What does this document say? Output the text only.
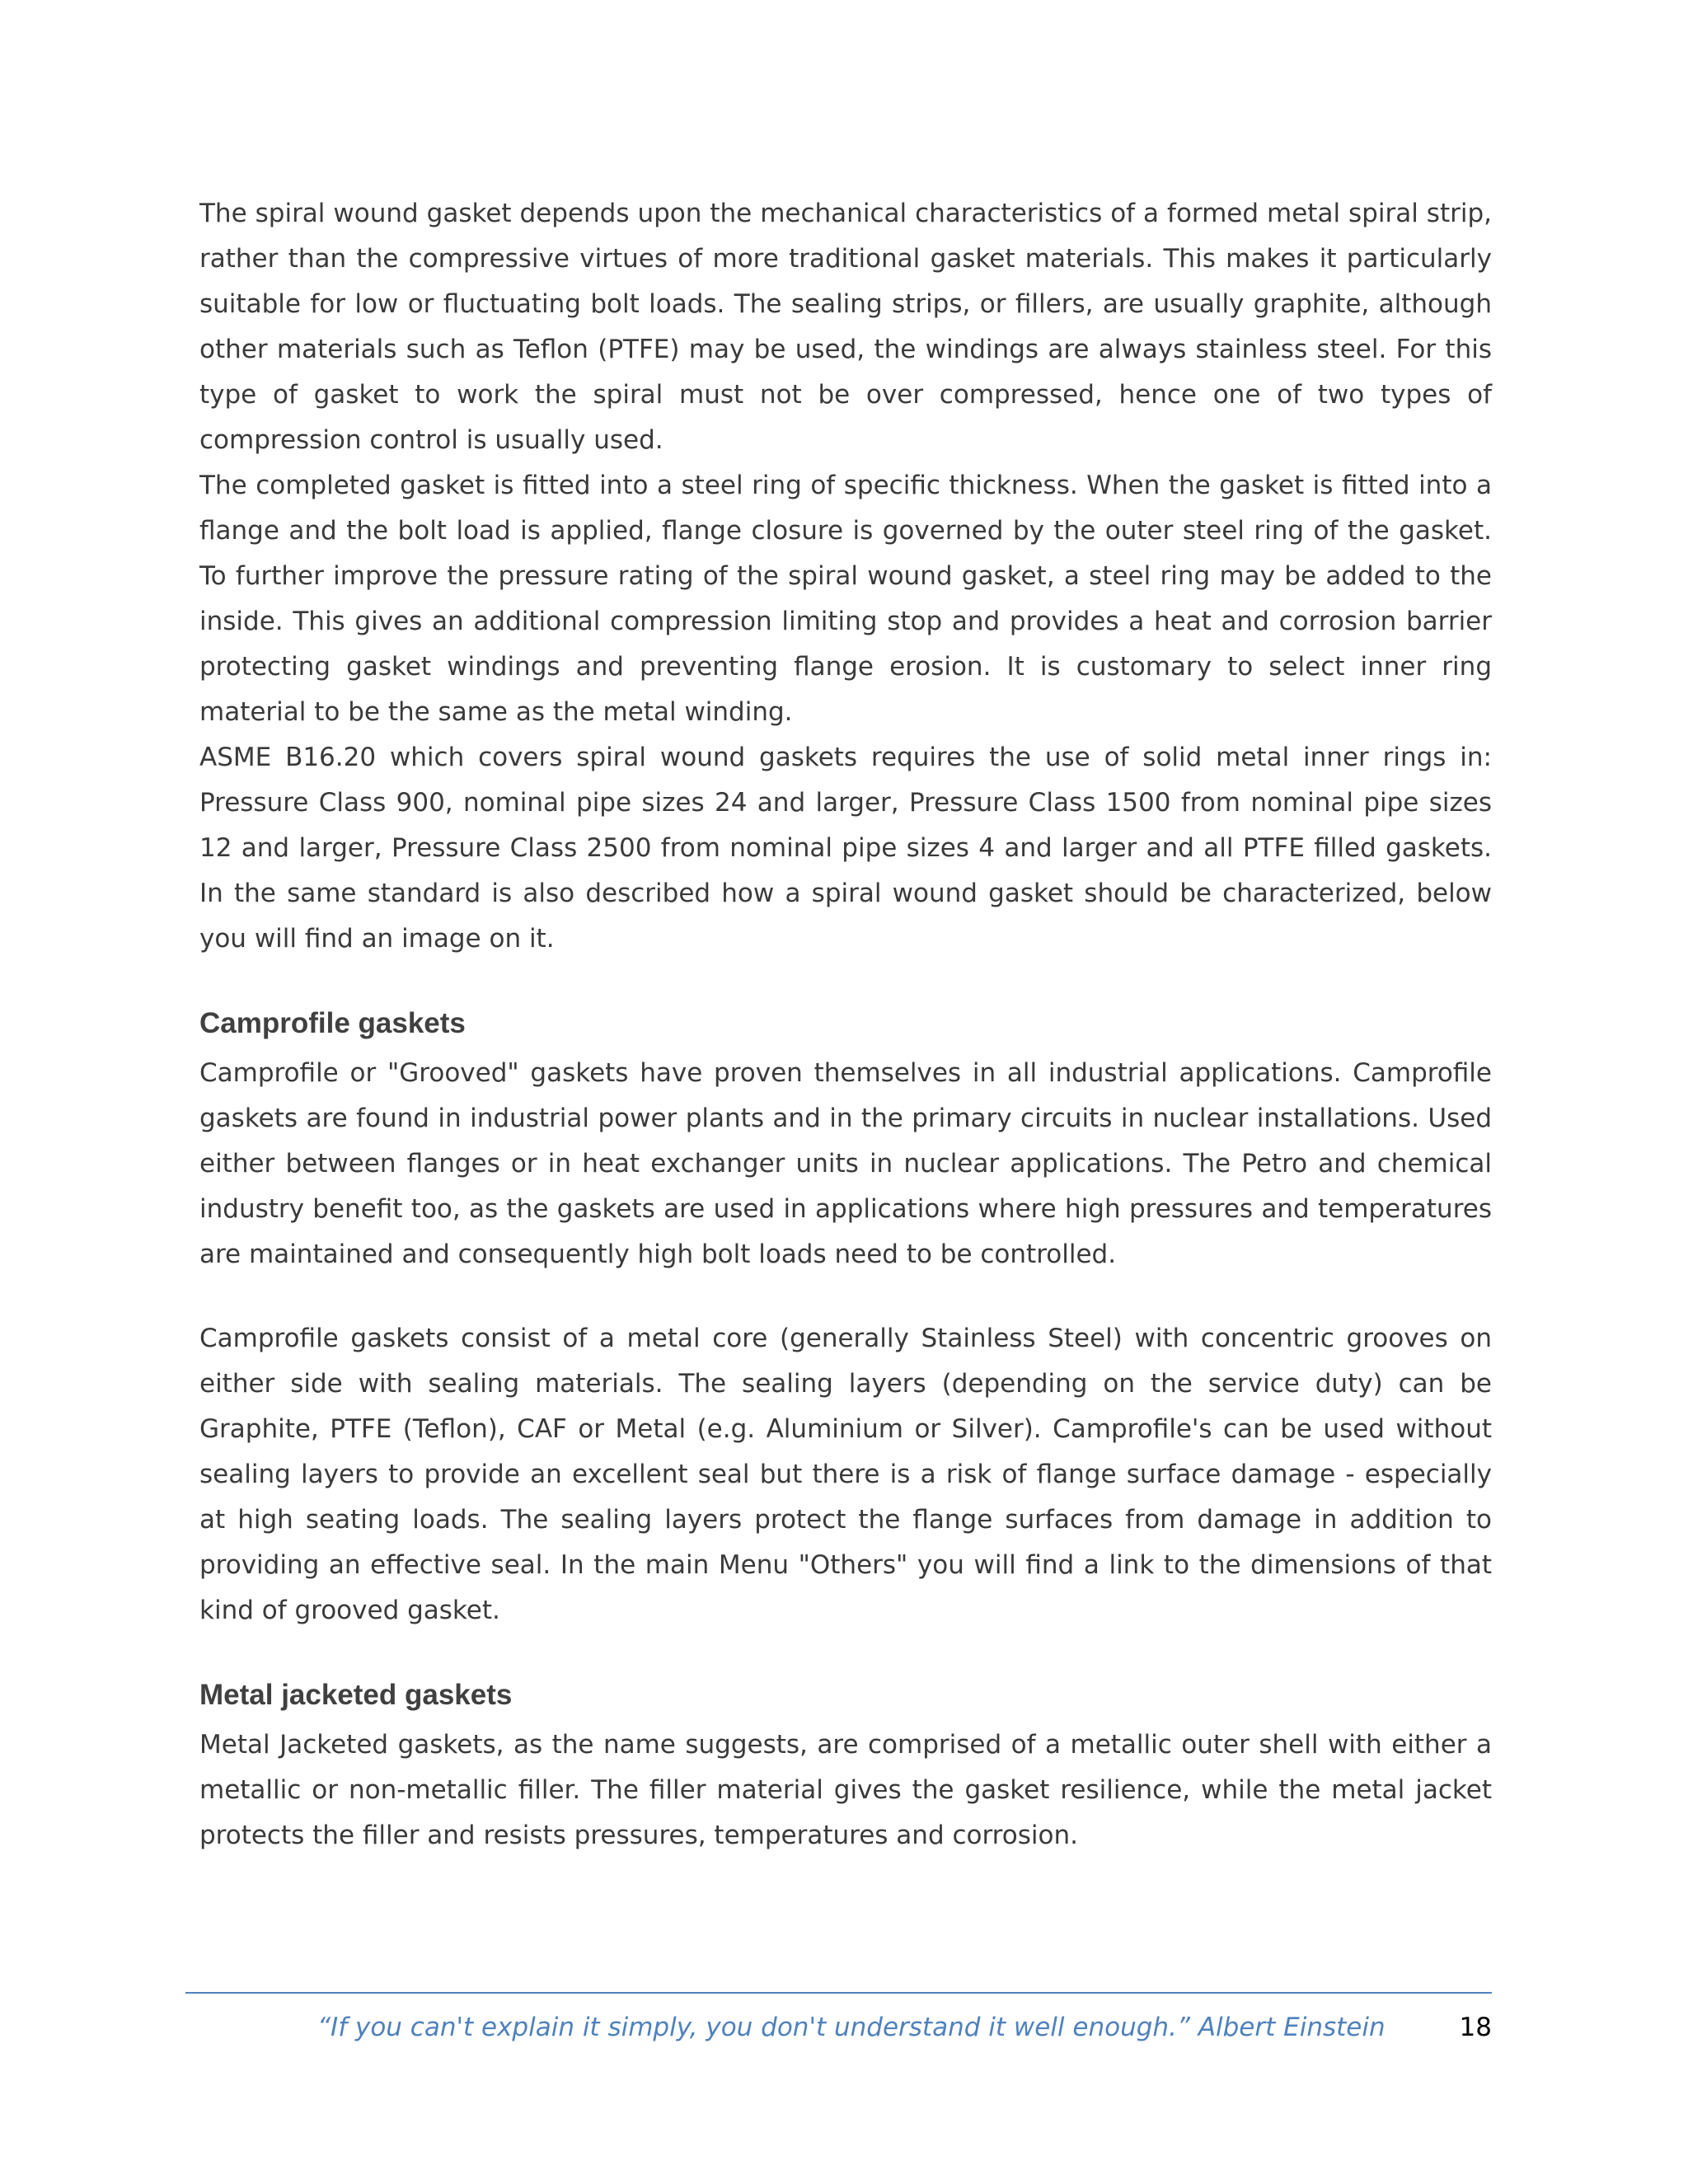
The spiral wound gasket depends upon the mechanical characteristics of a formed metal spiral strip, rather than the compressive virtues of more traditional gasket materials. This makes it particularly suitable for low or fluctuating bolt loads. The sealing strips, or fillers, are usually graphite, although other materials such as Teflon (PTFE) may be used, the windings are always stainless steel. For this type of gasket to work the spiral must not be over compressed, hence one of two types of compression control is usually used.

The completed gasket is fitted into a steel ring of specific thickness. When the gasket is fitted into a flange and the bolt load is applied, flange closure is governed by the outer steel ring of the gasket. To further improve the pressure rating of the spiral wound gasket, a steel ring may be added to the inside. This gives an additional compression limiting stop and provides a heat and corrosion barrier protecting gasket windings and preventing flange erosion. It is customary to select inner ring material to be the same as the metal winding.

ASME B16.20 which covers spiral wound gaskets requires the use of solid metal inner rings in: Pressure Class 900, nominal pipe sizes 24 and larger, Pressure Class 1500 from nominal pipe sizes 12 and larger, Pressure Class 2500 from nominal pipe sizes 4 and larger and all PTFE filled gaskets. In the same standard is also described how a spiral wound gasket should be characterized, below you will find an image on it.

Camprofile gaskets

Camprofile or "Grooved" gaskets have proven themselves in all industrial applications. Camprofile gaskets are found in industrial power plants and in the primary circuits in nuclear installations. Used either between flanges or in heat exchanger units in nuclear applications. The Petro and chemical industry benefit too, as the gaskets are used in applications where high pressures and temperatures are maintained and consequently high bolt loads need to be controlled.

Camprofile gaskets consist of a metal core (generally Stainless Steel) with concentric grooves on either side with sealing materials. The sealing layers (depending on the service duty) can be Graphite, PTFE (Teflon), CAF or Metal (e.g. Aluminium or Silver). Camprofile's can be used without sealing layers to provide an excellent seal but there is a risk of flange surface damage - especially at high seating loads. The sealing layers protect the flange surfaces from damage in addition to providing an effective seal. In the main Menu "Others" you will find a link to the dimensions of that kind of grooved gasket.

Metal jacketed gaskets

Metal Jacketed gaskets, as the name suggests, are comprised of a metallic outer shell with either a metallic or non-metallic filler. The filler material gives the gasket resilience, while the metal jacket protects the filler and resists pressures, temperatures and corrosion.

“If you can't explain it simply, you don't understand it well enough.” Albert Einstein	18
